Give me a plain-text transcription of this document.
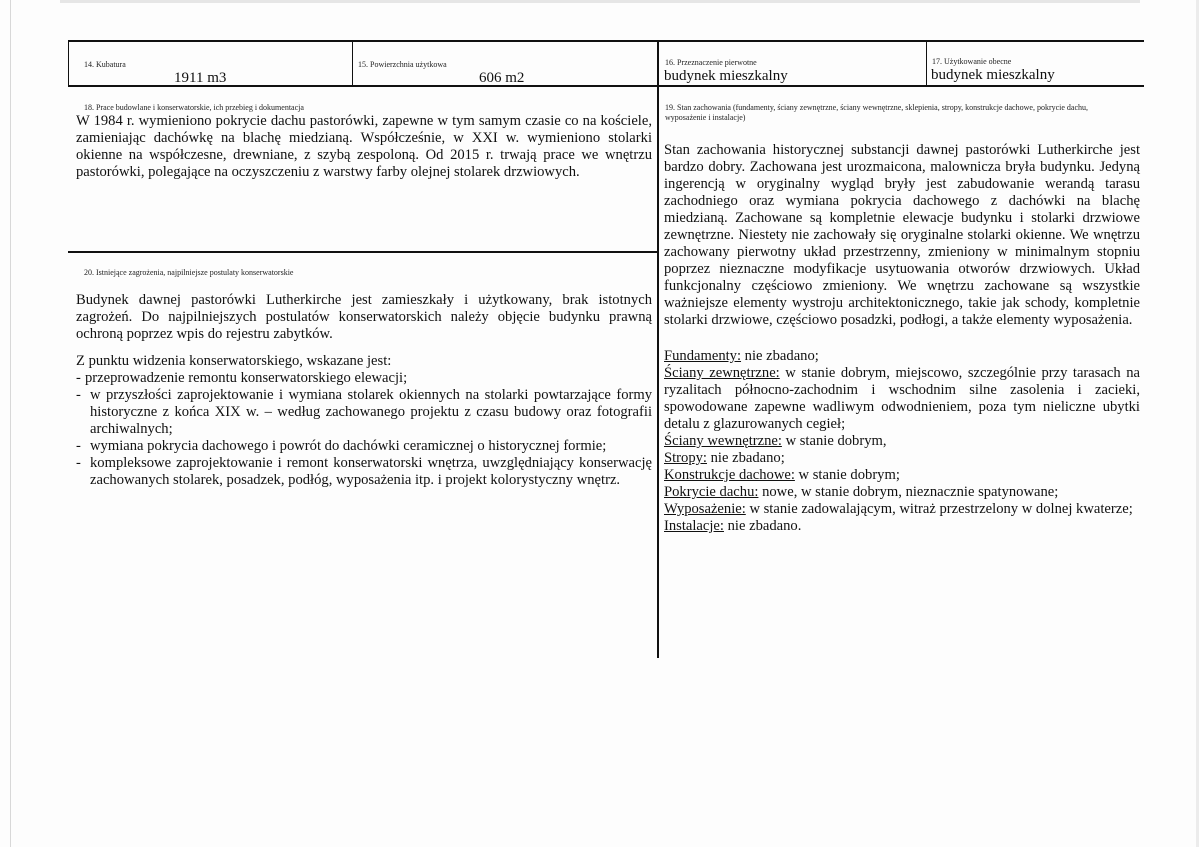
14. Kubatura
1911 m3
15. Powierzchnia użytkowa
606 m2
16. Przeznaczenie pierwotne
budynek mieszkalny
17. Użytkowanie obecne
budynek mieszkalny
18. Prace budowlane i konserwatorskie, ich przebieg i dokumentacja
W 1984 r. wymieniono pokrycie dachu pastorówki, zapewne w tym samym czasie co na kościele, zamieniając dachówkę na blachę miedzianą. Współcześnie, w XXI w. wymieniono stolarki okienne na współczesne, drewniane, z szybą zespoloną. Od 2015 r. trwają prace we wnętrzu pastorówki, polegające na oczyszczeniu z warstwy farby olejnej stolarek drzwiowych.
20. Istniejące zagrożenia, najpilniejsze postulaty konserwatorskie

Budynek dawnej pastorówki Lutherkirche jest zamieszkały i użytkowany, brak istotnych zagrożeń. Do najpilniejszych postulatów konserwatorskich należy objęcie budynku prawną ochroną poprzez wpis do rejestru zabytków.

Z punktu widzenia konserwatorskiego, wskazane jest:

- przeprowadzenie remontu konserwatorskiego elewacji;
- w przyszłości zaprojektowanie i wymiana stolarek okiennych na stolarki powtarzające formy historyczne z końca XIX w. – według zachowanego projektu z czasu budowy oraz fotografii archiwalnych;
- wymiana pokrycia dachowego i powrót do dachówki ceramicznej o historycznej formie;
- kompleksowe zaprojektowanie i remont konserwatorski wnętrza, uwzględniający konserwację zachowanych stolarek, posadzek, podłóg, wyposażenia itp. i projekt kolorystyczny wnętrz.
19. Stan zachowania (fundamenty, ściany zewnętrzne, ściany wewnętrzne, sklepienia, stropy, konstrukcje dachowe, pokrycie dachu, wyposażenie i instalacje)

Stan zachowania historycznej substancji dawnej pastorówki Lutherkirche jest bardzo dobry. Zachowana jest urozmaicona, malownicza bryła budynku. Jedyną ingerencją w oryginalny wygląd bryły jest zabudowanie werandą tarasu zachodniego oraz wymiana pokrycia dachowego z dachówki na blachę miedzianą. Zachowane są kompletnie elewacje budynku i stolarki drzwiowe zewnętrzne. Niestety nie zachowały się oryginalne stolarki okienne. We wnętrzu zachowany pierwotny układ przestrzenny, zmieniony w minimalnym stopniu poprzez nieznaczne modyfikacje usytuowania otworów drzwiowych. Układ funkcjonalny częściowo zmieniony. We wnętrzu zachowane są wszystkie ważniejsze elementy wystroju architektonicznego, takie jak schody, kompletnie stolarki drzwiowe, częściowo posadzki, podłogi, a także elementy wyposażenia.

Fundamenty: nie zbadano;

Ściany zewnętrzne: w stanie dobrym, miejscowo, szczególnie przy tarasach na ryzalitach północno-zachodnim i wschodnim silne zasolenia i zacieki, spowodowane zapewne wadliwym odwodnieniem, poza tym nieliczne ubytki detalu z glazurowanych cegieł;

Ściany wewnętrzne: w stanie dobrym,

Stropy: nie zbadano;

Konstrukcje dachowe: w stanie dobrym;

Pokrycie dachu: nowe, w stanie dobrym, nieznacznie spatynowane;

Wyposażenie: w stanie zadowalającym, witraż przestrzelony w dolnej kwaterze;

Instalacje: nie zbadano.
